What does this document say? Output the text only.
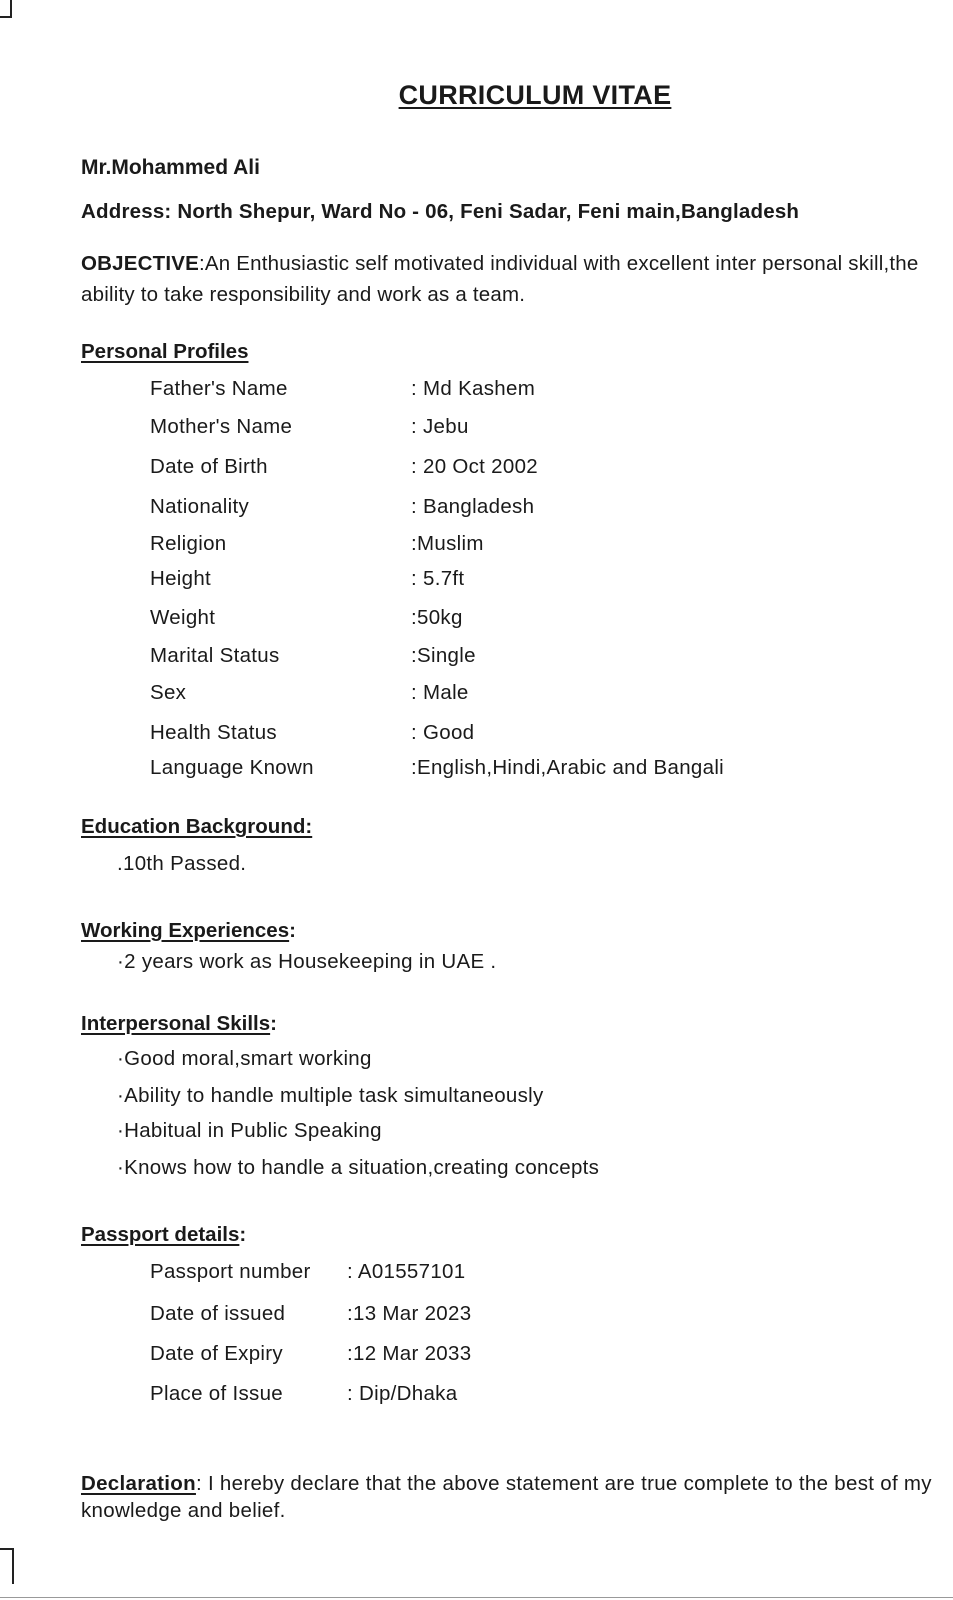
CURRICULUM VITAE
Mr.Mohammed Ali
Address: North Shepur, Ward No - 06, Feni Sadar, Feni main,Bangladesh
OBJECTIVE:An Enthusiastic self motivated individual with excellent inter personal skill,the ability to take responsibility and work as a team.
Personal Profiles
Father's Name	: Md Kashem
Mother's Name	: Jebu
Date of Birth	: 20 Oct 2002
Nationality	: Bangladesh
Religion	:Muslim
Height	: 5.7ft
Weight	:50kg
Marital Status	:Single
Sex	: Male
Health Status	: Good
Language Known	:English,Hindi,Arabic and Bangali
Education Background:
.10th Passed.
Working Experiences:
·2 years work as Housekeeping in UAE .
Interpersonal Skills:
·Good moral,smart working
·Ability to handle multiple task simultaneously
·Habitual in Public Speaking
·Knows how to handle a situation,creating concepts
Passport details:
Passport number : A01557101
Date of issued	:13 Mar 2023
Date of Expiry	:12 Mar 2033
Place of Issue	: Dip/Dhaka
Declaration: I hereby declare that the above statement are true complete to the best of my knowledge and belief.
